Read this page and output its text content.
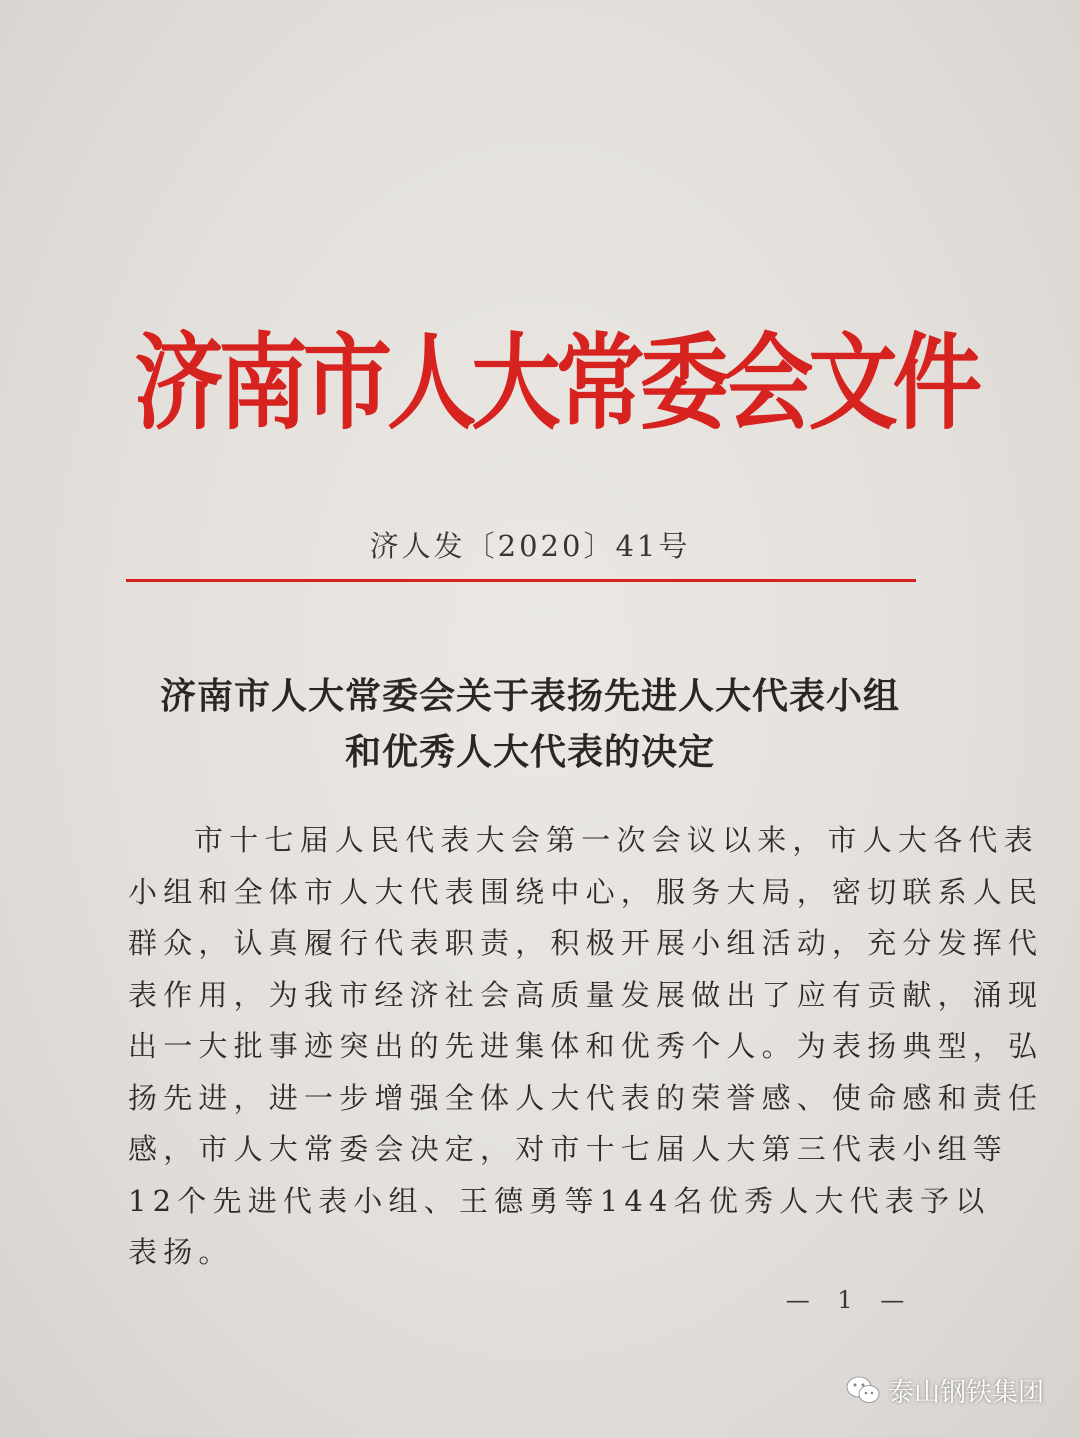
济南市人大常委会文件
济人发〔2020〕41号
济南市人大常委会关于表扬先进人大代表小组
和优秀人大代表的决定
市十七届人民代表大会第一次会议以来，市人大各代表
小组和全体市人大代表围绕中心，服务大局，密切联系人民
群众，认真履行代表职责，积极开展小组活动，充分发挥代
表作用，为我市经济社会高质量发展做出了应有贡献，涌现
出一大批事迹突出的先进集体和优秀个人。为表扬典型，弘
扬先进，进一步增强全体人大代表的荣誉感、使命感和责任
感，市人大常委会决定，对市十七届人大第三代表小组等
12个先进代表小组、王德勇等144名优秀人大代表予以
表扬。
— 1 —
泰山钢铁集团
